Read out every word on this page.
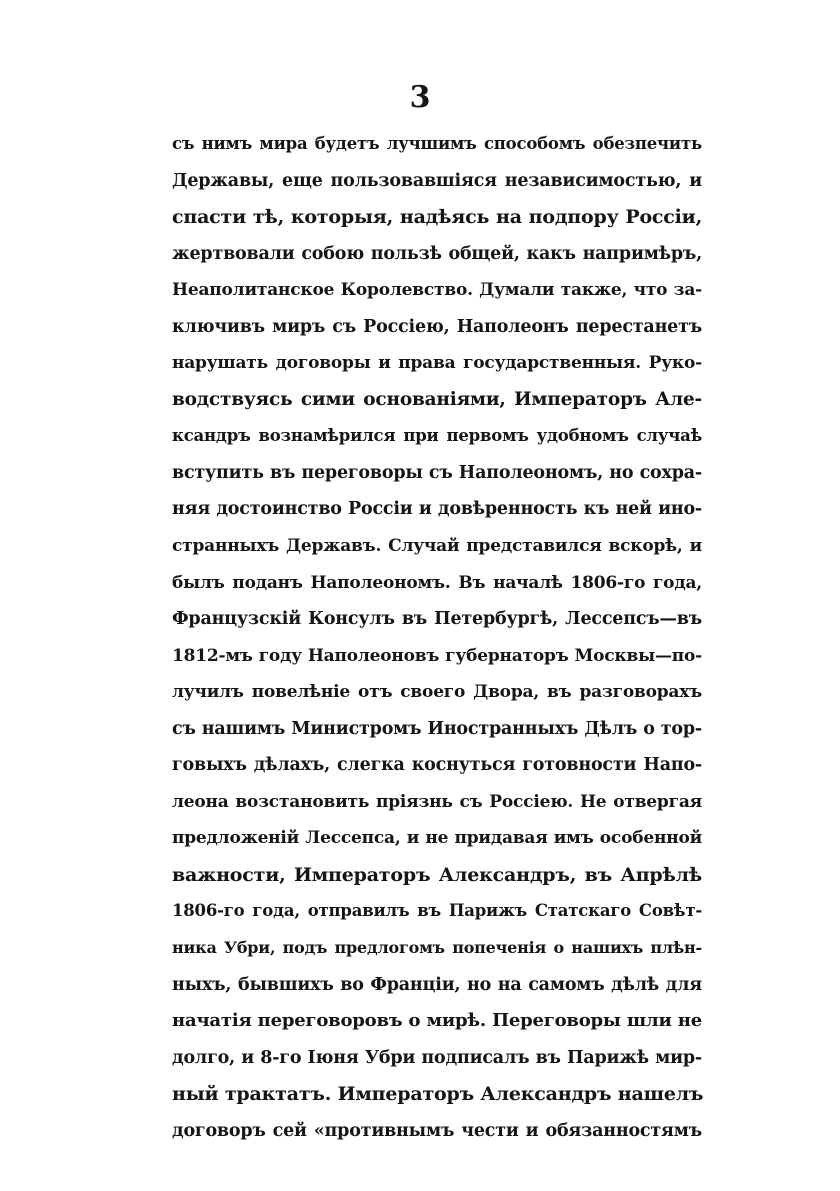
3
съ нимъ мира будетъ лучшимъ способомъ обезпечить
Державы, еще пользовавшiяся независимостью, и
спасти тѣ, которыя, надѣясь на подпору Россiи,
жертвовали собою пользѣ общей, какъ напримѣръ,
Неаполитанское Королевство. Думали также, что за-
ключивъ миръ съ Россiею, Наполеонъ перестанетъ
нарушать договоры и права государственныя. Руко-
водствуясь сими основанiями, Императоръ Але-
ксандръ вознамѣрился при первомъ удобномъ случаѣ
вступить въ переговоры съ Наполеономъ, но сохра-
няя достоинство Россiи и довѣренность къ ней ино-
странныхъ Державъ. Случай представился вскорѣ, и
былъ поданъ Наполеономъ. Въ началѣ 1806-го года,
Французскiй Консулъ въ Петербургѣ, Лессепсъ—въ
1812-мъ году Наполеоновъ губернаторъ Москвы—по-
лучилъ повелѣнiе отъ своего Двора, въ разговорахъ
съ нашимъ Министромъ Иностранныхъ Дѣлъ о тор-
говыхъ дѣлахъ, слегка коснуться готовности Напо-
леона возстановить прiязнь съ Россiею. Не отвергая
предложенiй Лессепса, и не придавая имъ особенной
важности, Императоръ Александръ, въ Апрѣлѣ
1806-го года, отправилъ въ Парижъ Статскаго Совѣт-
ника Убри, подъ предлогомъ попеченiя о нашихъ плѣн-
ныхъ, бывшихъ во Францiи, но на самомъ дѣлѣ для
начатiя переговоровъ о мирѣ. Переговоры шли не
долго, и 8-го Iюня Убри подписалъ въ Парижѣ мир-
ный трактатъ. Императоръ Александръ нашелъ
договоръ сей «противнымъ чести и обязанностямъ
